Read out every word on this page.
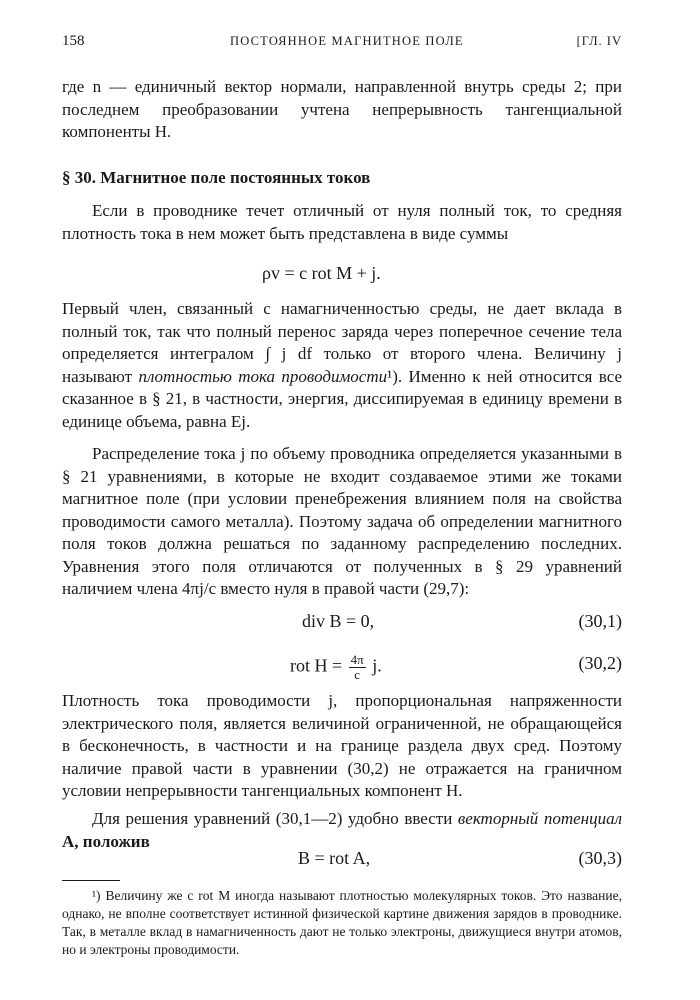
158	ПОСТОЯННОЕ МАГНИТНОЕ ПОЛЕ	[ГЛ. IV

где n — единичный вектор нормали, направленной внутрь среды 2; при последнем преобразовании учтена непрерывность тангенциальной компоненты H.

§ 30. Магнитное поле постоянных токов

Если в проводнике течет отличный от нуля полный ток, то средняя плотность тока в нем может быть представлена в виде суммы

ρv = c rot M + j.

Первый член, связанный с намагниченностью среды, не дает вклада в полный ток, так что полный перенос заряда через поперечное сечение тела определяется интегралом ∫ j df только от второго члена. Величину j называют плотностью тока проводимости¹). Именно к ней относится все сказанное в § 21, в частности, энергия, диссипируемая в единицу времени в единице объема, равна Ej.

Распределение тока j по объему проводника определяется указанными в § 21 уравнениями, в которые не входит создаваемое этими же токами магнитное поле (при условии пренебрежения влиянием поля на свойства проводимости самого металла). Поэтому задача об определении магнитного поля токов должна решаться по заданному распределению последних. Уравнения этого поля отличаются от полученных в § 29 уравнений наличием члена 4πj/c вместо нуля в правой части (29,7):

div B = 0,	(30,1)
rot $H = \frac{4\pi}{c} j$.	(30,2)

Плотность тока проводимости j, пропорциональная напряженности электрического поля, является величиной ограниченной, не обращающейся в бесконечность, в частности и на границе раздела двух сред. Поэтому наличие правой части в уравнении (30,2) не отражается на граничном условии непрерывности тангенциальных компонент H.

Для решения уравнений (30,1—2) удобно ввести векторный потенциал A, положив

B = rot A,	(30,3)

¹) Величину же c rot M иногда называют плотностью молекулярных токов. Это название, однако, не вполне соответствует истинной физической картине движения зарядов в проводнике. Так, в металле вклад в намагниченность дают не только электроны, движущиеся внутри атомов, но и электроны проводимости.
